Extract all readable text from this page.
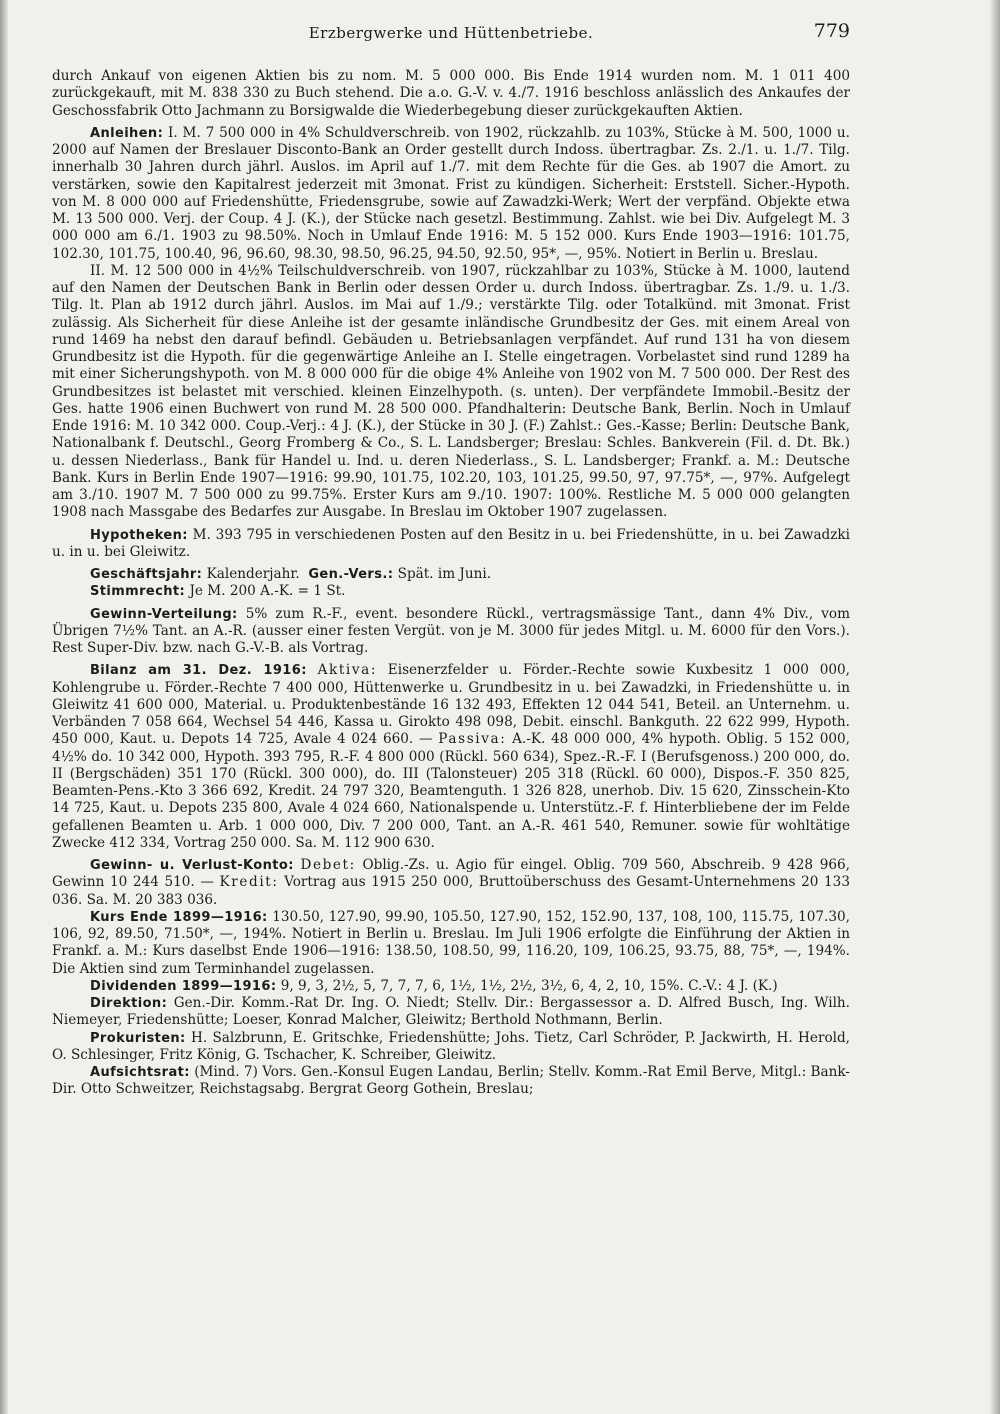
Erzbergwerke und Hüttenbetriebe.	779

durch Ankauf von eigenen Aktien bis zu nom. M. 5 000 000. Bis Ende 1914 wurden nom. M. 1 011 400 zurückgekauft, mit M. 838 330 zu Buch stehend. Die a.o. G.-V. v. 4./7. 1916 beschloss anlässlich des Ankaufes der Geschossfabrik Otto Jachmann zu Borsigwalde die Wiederbegebung dieser zurückgekauften Aktien.

Anleihen: I. M. 7 500 000 in 4% Schuldverschreib. von 1902, rückzahlb. zu 103%, Stücke à M. 500, 1000 u. 2000 auf Namen der Breslauer Disconto-Bank an Order gestellt durch Indoss. übertragbar. Zs. 2./1. u. 1./7. Tilg. innerhalb 30 Jahren durch jährl. Auslos. im April auf 1./7. mit dem Rechte für die Ges. ab 1907 die Amort. zu verstärken, sowie den Kapitalrest jederzeit mit 3monat. Frist zu kündigen. Sicherheit: Erststell. Sicher.-Hypoth. von M. 8 000 000 auf Friedenshütte, Friedensgrube, sowie auf Zawadzki-Werk; Wert der verpfänd. Objekte etwa M. 13 500 000. Verj. der Coup. 4 J. (K.), der Stücke nach gesetzl. Bestimmung. Zahlst. wie bei Div. Aufgelegt M. 3 000 000 am 6./1. 1903 zu 98.50%. Noch in Umlauf Ende 1916: M. 5 152 000. Kurs Ende 1903—1916: 101.75, 102.30, 101.75, 100.40, 96, 96.60, 98.30, 98.50, 96.25, 94.50, 92.50, 95*, —, 95%. Notiert in Berlin u. Breslau.

II. M. 12 500 000 in 4½% Teilschuldverschreib. von 1907, rückzahlbar zu 103%, Stücke à M. 1000, lautend auf den Namen der Deutschen Bank in Berlin oder dessen Order u. durch Indoss. übertragbar. Zs. 1./9. u. 1./3. Tilg. lt. Plan ab 1912 durch jährl. Auslos. im Mai auf 1./9.; verstärkte Tilg. oder Totalkünd. mit 3monat. Frist zulässig. Als Sicherheit für diese Anleihe ist der gesamte inländische Grundbesitz der Ges. mit einem Areal von rund 1469 ha nebst den darauf befindl. Gebäuden u. Betriebsanlagen verpfändet. Auf rund 131 ha von diesem Grundbesitz ist die Hypoth. für die gegenwärtige Anleihe an I. Stelle eingetragen. Vorbelastet sind rund 1289 ha mit einer Sicherungshypoth. von M. 8 000 000 für die obige 4% Anleihe von 1902 von M. 7 500 000. Der Rest des Grundbesitzes ist belastet mit verschied. kleinen Einzelhypoth. (s. unten). Der verpfändete Immobil.-Besitz der Ges. hatte 1906 einen Buchwert von rund M. 28 500 000. Pfandhalterin: Deutsche Bank, Berlin. Noch in Umlauf Ende 1916: M. 10 342 000. Coup.-Verj.: 4 J. (K.), der Stücke in 30 J. (F.) Zahlst.: Ges.-Kasse; Berlin: Deutsche Bank, Nationalbank f. Deutschl., Georg Fromberg & Co., S. L. Landsberger; Breslau: Schles. Bankverein (Fil. d. Dt. Bk.) u. dessen Niederlass., Bank für Handel u. Ind. u. deren Niederlass., S. L. Landsberger; Frankf. a. M.: Deutsche Bank. Kurs in Berlin Ende 1907—1916: 99.90, 101.75, 102.20, 103, 101.25, 99.50, 97, 97.75*, —, 97%. Aufgelegt am 3./10. 1907 M. 7 500 000 zu 99.75%. Erster Kurs am 9./10. 1907: 100%. Restliche M. 5 000 000 gelangten 1908 nach Massgabe des Bedarfes zur Ausgabe. In Breslau im Oktober 1907 zugelassen.

Hypotheken: M. 393 795 in verschiedenen Posten auf den Besitz in u. bei Friedenshütte, in u. bei Zawadzki u. in u. bei Gleiwitz.

Geschäftsjahr: Kalenderjahr. Gen.-Vers.: Spät. im Juni.

Stimmrecht: Je M. 200 A.-K. = 1 St.

Gewinn-Verteilung: 5% zum R.-F., event. besondere Rückl., vertragsmässige Tant., dann 4% Div., vom Übrigen 7½% Tant. an A.-R. (ausser einer festen Vergüt. von je M. 3000 für jedes Mitgl. u. M. 6000 für den Vors.). Rest Super-Div. bzw. nach G.-V.-B. als Vortrag.

Bilanz am 31. Dez. 1916: Aktiva: Eisenerzfelder u. Förder.-Rechte sowie Kuxbesitz 1 000 000, Kohlengrube u. Förder.-Rechte 7 400 000, Hüttenwerke u. Grundbesitz in u. bei Zawadzki, in Friedenshütte u. in Gleiwitz 41 600 000, Material. u. Produktenbestände 16 132 493, Effekten 12 044 541, Beteil. an Unternehm. u. Verbänden 7 058 664, Wechsel 54 446, Kassa u. Girokto 498 098, Debit. einschl. Bankguth. 22 622 999, Hypoth. 450 000, Kaut. u. Depots 14 725, Avale 4 024 660. — Passiva: A.-K. 48 000 000, 4% hypoth. Oblig. 5 152 000, 4½% do. 10 342 000, Hypoth. 393 795, R.-F. 4 800 000 (Rückl. 560 634), Spez.-R.-F. I (Berufsgenoss.) 200 000, do. II (Bergschäden) 351 170 (Rückl. 300 000), do. III (Talonsteuer) 205 318 (Rückl. 60 000), Dispos.-F. 350 825, Beamten-Pens.-Kto 3 366 692, Kredit. 24 797 320, Beamtenguth. 1 326 828, unerhob. Div. 15 620, Zinsschein-Kto 14 725, Kaut. u. Depots 235 800, Avale 4 024 660, Nationalspende u. Unterstütz.-F. f. Hinterbliebene der im Felde gefallenen Beamten u. Arb. 1 000 000, Div. 7 200 000, Tant. an A.-R. 461 540, Remuner. sowie für wohltätige Zwecke 412 334, Vortrag 250 000. Sa. M. 112 900 630.

Gewinn- u. Verlust-Konto: Debet: Oblig.-Zs. u. Agio für eingel. Oblig. 709 560, Abschreib. 9 428 966, Gewinn 10 244 510. — Kredit: Vortrag aus 1915 250 000, Bruttoüberschuss des Gesamt-Unternehmens 20 133 036. Sa. M. 20 383 036.

Kurs Ende 1899—1916: 130.50, 127.90, 99.90, 105.50, 127.90, 152, 152.90, 137, 108, 100, 115.75, 107.30, 106, 92, 89.50, 71.50*, —, 194%. Notiert in Berlin u. Breslau. Im Juli 1906 erfolgte die Einführung der Aktien in Frankf. a. M.: Kurs daselbst Ende 1906—1916: 138.50, 108.50, 99, 116.20, 109, 106.25, 93.75, 88, 75*, —, 194%. Die Aktien sind zum Terminhandel zugelassen.

Dividenden 1899—1916: 9, 9, 3, 2½, 5, 7, 7, 7, 6, 1½, 1½, 2½, 3½, 6, 4, 2, 10, 15%. C.-V.: 4 J. (K.)

Direktion: Gen.-Dir. Komm.-Rat Dr. Ing. O. Niedt; Stellv. Dir.: Bergassessor a. D. Alfred Busch, Ing. Wilh. Niemeyer, Friedenshütte; Loeser, Konrad Malcher, Gleiwitz; Berthold Nothmann, Berlin.

Prokuristen: H. Salzbrunn, E. Gritschke, Friedenshütte; Johs. Tietz, Carl Schröder, P. Jackwirth, H. Herold, O. Schlesinger, Fritz König, G. Tschacher, K. Schreiber, Gleiwitz.

Aufsichtsrat: (Mind. 7) Vors. Gen.-Konsul Eugen Landau, Berlin; Stellv. Komm.-Rat Emil Berve, Mitgl.: Bank-Dir. Otto Schweitzer, Reichstagsabg. Bergrat Georg Gothein, Breslau;
